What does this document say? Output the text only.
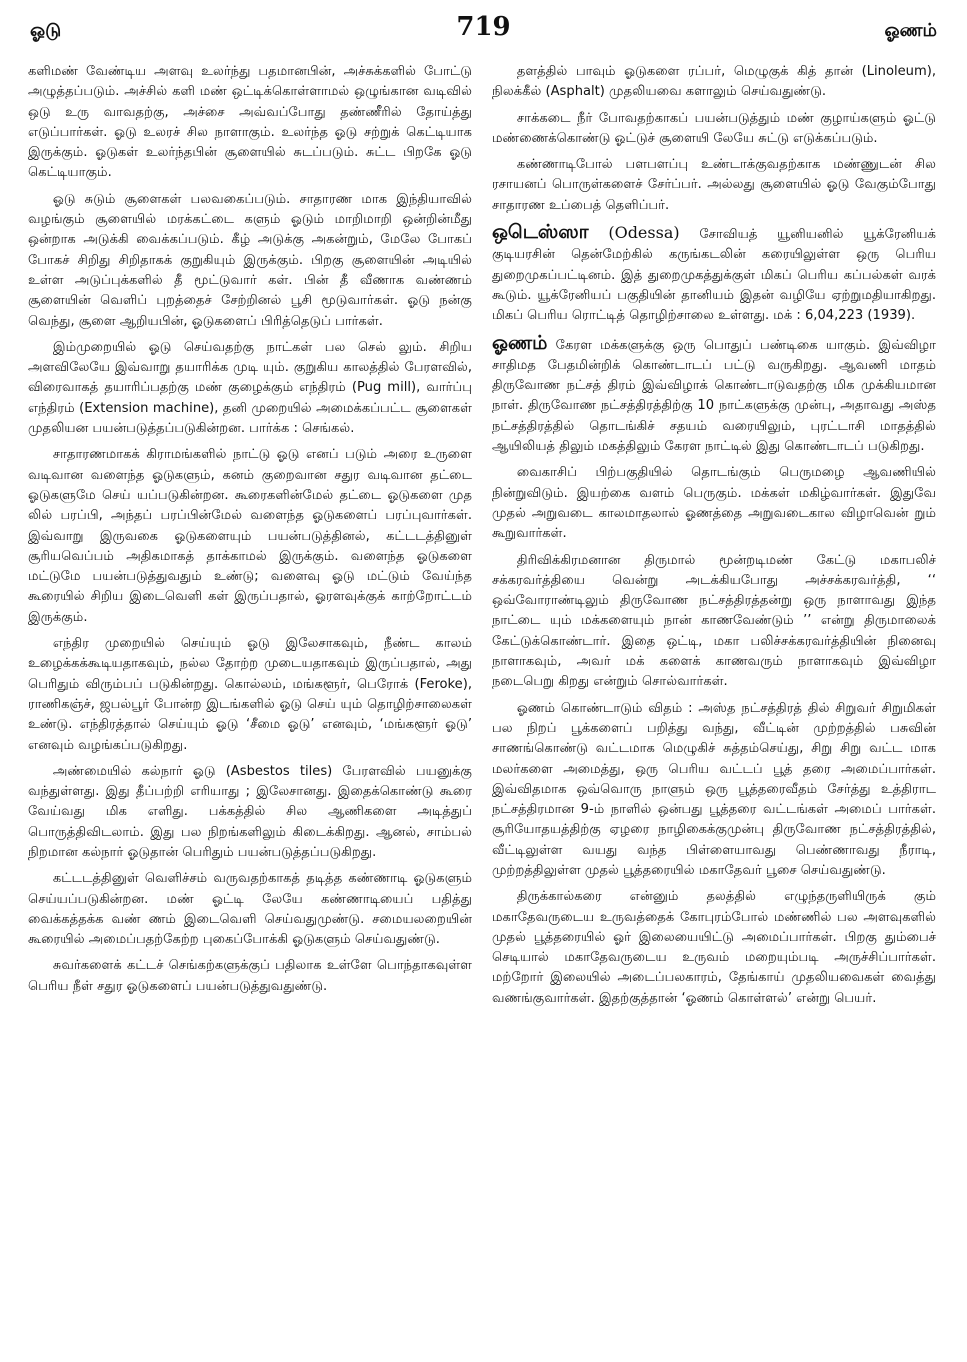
ஓடு	719	ஓணம்

களிமண் வேண்டிய அளவு உலர்ந்து பதமானபின், அச்சுக்களில் போட்டு அழுத்தப்படும். அச்சில் களி மண் ஒட்டிக்கொள்ளாமல் ஒழுங்கான வடிவில் ஒடு உரு வாவதற்கு, அச்சை அவ்வப்போது தண்ணீரில் தோய்த்து எடுப்பார்கள். ஓடு உலரச் சில நாளாகும். உலர்ந்த ஓடு சற்றுக் கெட்டியாக இருக்கும். ஓடுகள் உலர்ந்தபின் சூளையில் சுடப்படும். சுட்ட பிறகே ஓடு கெட்டியாகும்.

ஓடு சுடும் சூளைகள் பலவகைப்படும். சாதாரண மாக இந்தியாவில் வழங்கும் சூளையில் மரக்கட்டை களும் ஓடும் மாறிமாறி ஒன்றின்மீது ஒன்றாக அடுக்கி வைக்கப்படும். கீழ் அடுக்கு அகன்றும், மேலே போகப் போகச் சிறிது சிறிதாகக் குறுகியும் இருக்கும். பிறகு சூளையின் அடியில் உள்ள அடுப்புக்களில் தீ மூட்டுவார் கள். பின் தீ வீணாக வண்ணம் சூளையின் வெளிப் புறத்தைச் சேற்றினல் பூசி மூடுவார்கள். ஓடு நன்கு வெந்து, சூளை ஆறியபின், ஓடுகளைப் பிரித்தெடுப் பார்கள்.

இம்முறையில் ஓடு செய்வதற்கு நாட்கள் பல செல் லும். சிறிய அளவிலேயே இவ்வாறு தயாரிக்க முடி யும். குறுகிய காலத்தில் பேரளவில், விரைவாகத் தயாரிப்பதற்கு மண் குழைக்கும் எந்திரம் (Pug mill), வார்ப்பு எந்திரம் (Extension machine), தனி முறையில் அமைக்கப்பட்ட சூளைகள் முதலியன பயன்படுத்தப்படுகின்றன. பார்க்க : செங்கல்.

சாதாரணமாகக் கிராமங்களில் நாட்டு ஓடு எனப் படும் அரை உருளை வடிவான வளைந்த ஓடுகளும், கனம் குறைவான சதுர வடிவான தட்டை ஓடுகளுமே செய் யப்படுகின்றன. கூரைகளின்மேல் தட்டை ஓடுகளை முத லில் பரப்பி, அந்தப் பரப்பின்மேல் வளைந்த ஓடுகளைப் பரப்புவார்கள். இவ்வாறு இருவகை ஓடுகளையும் பயன்படுத்தினல், கட்டடத்தினுள் சூரியவெப்பம் அதிகமாகத் தாக்காமல் இருக்கும். வளைந்த ஓடுகளை மட்டுமே பயன்படுத்துவதும் உண்டு; வளைவு ஓடு மட்டும் வேய்ந்த கூரையில் சிறிய இடைவெளி கள் இருப்பதால், ஓரளவுக்குக் காற்றோட்டம் இருக்கும்.

எந்திர முறையில் செய்யும் ஓடு இலேசாகவும், நீண்ட காலம் உழைக்கக்கூடியதாகவும், நல்ல தோற்ற முடையதாகவும் இருப்பதால், அது பெரிதும் விரும்பப் படுகின்றது. கொல்லம், மங்களூர், பெரோக் (Feroke), ராணிகஞ்ச், ஜபல்பூர் போன்ற இடங்களில் ஓடு செய் யும் தொழிற்சாலைகள் உண்டு. எந்திரத்தால் செய்யும் ஓடு ‘சீமை ஓடு’ எனவும், ‘மங்களூர் ஓடு’ எனவும் வழங்கப்படுகிறது.

அண்மையில் கல்நார் ஓடு (Asbestos tiles) பேரளவில் பயனுக்கு வந்துள்ளது. இது தீப்பற்றி எரியாது ; இலேசானது. இதைக்கொண்டு கூரை வேய்வது மிக எளிது. பக்கத்தில் சில ஆணிகளை அடித்துப் பொருத்திவிடலாம். இது பல நிறங்களிலும் கிடைக்கிறது. ஆனல், சாம்பல் நிறமான கல்நார் ஓடுதான் பெரிதும் பயன்படுத்தப்படுகிறது.

கட்டடத்தினுள் வெளிச்சம் வருவதற்காகத் தடித்த கண்ணாடி ஓடுகளும் செய்யப்படுகின்றன. மண் ஓட்டி லேயே கண்ணாடியைப் பதித்து வைக்கத்தக்க வண் ணம் இடைவெளி செய்வதுமுண்டு. சமையலறையின் கூரையில் அமைப்பதற்கேற்ற புகைப்போக்கி ஓடுகளும் செய்வதுண்டு.

சுவர்களைக் கட்டச் செங்கற்களுக்குப் பதிலாக உள்ளே பொந்தாகவுள்ள பெரிய நீள் சதுர ஓடுகளைப் பயன்படுத்துவதுண்டு.

தளத்தில் பாவும் ஓடுகளை ரப்பர், மெழுகுக் கித் தான் (Linoleum), நிலக்கீல் (Asphalt) முதலியவை களாலும் செய்வதுண்டு.

சாக்கடை நீர் போவதற்காகப் பயன்படுத்தும் மண் குழாய்களும் ஓட்டு மண்ணைக்கொண்டு ஓட்டுச் சூளையி லேயே சுட்டு எடுக்கப்படும்.

கண்ணாடிபோல் பளபளப்பு உண்டாக்குவதற்காக மண்ணுடன் சில ரசாயனப் பொருள்களைச் சேர்ப்பர். அல்லது சூளையில் ஓடு வேகும்போது சாதாரண உப்பைத் தெளிப்பர்.

ஒடெஸ்ஸா (Odessa) சோவியத் யூனியனில் யூக்ரேனியக் குடியரசின் தென்மேற்கில் கருங்கடலின் கரையிலுள்ள ஒரு பெரிய துறைமுகப்பட்டினம். இத் துறைமுகத்துக்குள் மிகப் பெரிய கப்பல்கள் வரக் கூடும். யூக்ரேனியப் பகுதியின் தானியம் இதன் வழியே ஏற்றுமதியாகிறது. மிகப் பெரிய ரொட்டித் தொழிற்சாலை உள்ளது. மக் : 6,04,223 (1939).

ஓணம் கேரள மக்களுக்கு ஒரு பொதுப் பண்டிகை யாகும். இவ்விழா சாதிமத பேதமின்றிக் கொண்டாடப் பட்டு வருகிறது. ஆவணி மாதம் திருவோண நட்சத் திரம் இவ்விழாக் கொண்டாடுவதற்கு மிக முக்கியமான நாள். திருவோண நட்சத்திரத்திற்கு 10 நாட்களுக்கு முன்பு, அதாவது அஸ்த நட்சத்திரத்தில் தொடங்கிச் சதயம் வரையிலும், புரட்டாசி மாதத்தில் ஆயிலியத் திலும் மகத்திலும் கேரள நாட்டில் இது கொண்டாடப் படுகிறது.

வைகாசிப் பிற்பகுதியில் தொடங்கும் பெருமழை ஆவணியில் நின்றுவிடும். இயற்கை வளம் பெருகும். மக்கள் மகிழ்வார்கள். இதுவே முதல் அறுவடை காலமாதலால் ஓணத்தை அறுவடைகால விழாவென் றும் கூறுவார்கள்.

திரிவிக்கிரமனான திருமால் மூன்றடிமண் கேட்டு மகாபலிச் சக்கரவர்த்தியை வென்று அடக்கியபோது அச்சக்கரவர்த்தி, ‘‘ ஒவ்வோராண்டிலும் திருவோண நட்சத்திரத்தன்று ஒரு நாளாவது இந்த நாட்டை யும் மக்களையும் நான் காணவேண்டும் ’’ என்று திருமாலைக் கேட்டுக்கொண்டார். இதை ஒட்டி, மகா பலிச்சக்கரவர்த்தியின் நினைவு நாளாகவும், அவர் மக் களைக் காணவரும் நாளாகவும் இவ்விழா நடைபெறு கிறது என்றும் சொல்வார்கள்.

ஓணம் கொண்டாடும் விதம் : அஸ்த நட்சத்திரத் தில் சிறுவர் சிறுமிகள் பல நிறப் பூக்களைப் பறித்து வந்து, வீட்டின் முற்றத்தில் பசுவின் சாணங்கொண்டு வட்டமாக மெழுகிச் சுத்தம்செய்து, சிறு சிறு வட்ட மாக மலர்களை அமைத்து, ஒரு பெரிய வட்டப் பூத் தரை அமைப்பார்கள். இவ்விதமாக ஒவ்வொரு நாளும் ஒரு பூத்தரைவீதம் சேர்த்து உத்திராட நட்சத்திரமான 9-ம் நாளில் ஒன்பது பூத்தரை வட்டங்கள் அமைப் பார்கள். சூரியோதயத்திற்கு ஏழரை நாழிகைக்குமுன்பு திருவோண நட்சத்திரத்தில், வீட்டிலுள்ள வயது வந்த பிள்ளையாவது பெண்ணாவது நீராடி, முற்றத்திலுள்ள முதல் பூத்தரையில் மகாதேவர் பூசை செய்வதுண்டு.

திருக்கால்கரை என்னும் தலத்தில் எழுந்தருளியிருக் கும் மகாதேவருடைய உருவத்தைக் கோபுரம்போல் மண்ணில் பல அளவுகளில் முதல் பூத்தரையில் ஓர் இலையையிட்டு அமைப்பார்கள். பிறகு தும்பைச் செடியால் மகாதேவருடைய உருவம் மறையும்படி அருச்சிப்பார்கள். மற்றோர் இலையில் அடைப்பலகாரம், தேங்காய் முதலியவைகள் வைத்து வணங்குவார்கள். இதற்குத்தான் ‘ஓணம் கொள்ளல்’ என்று பெயர்.
